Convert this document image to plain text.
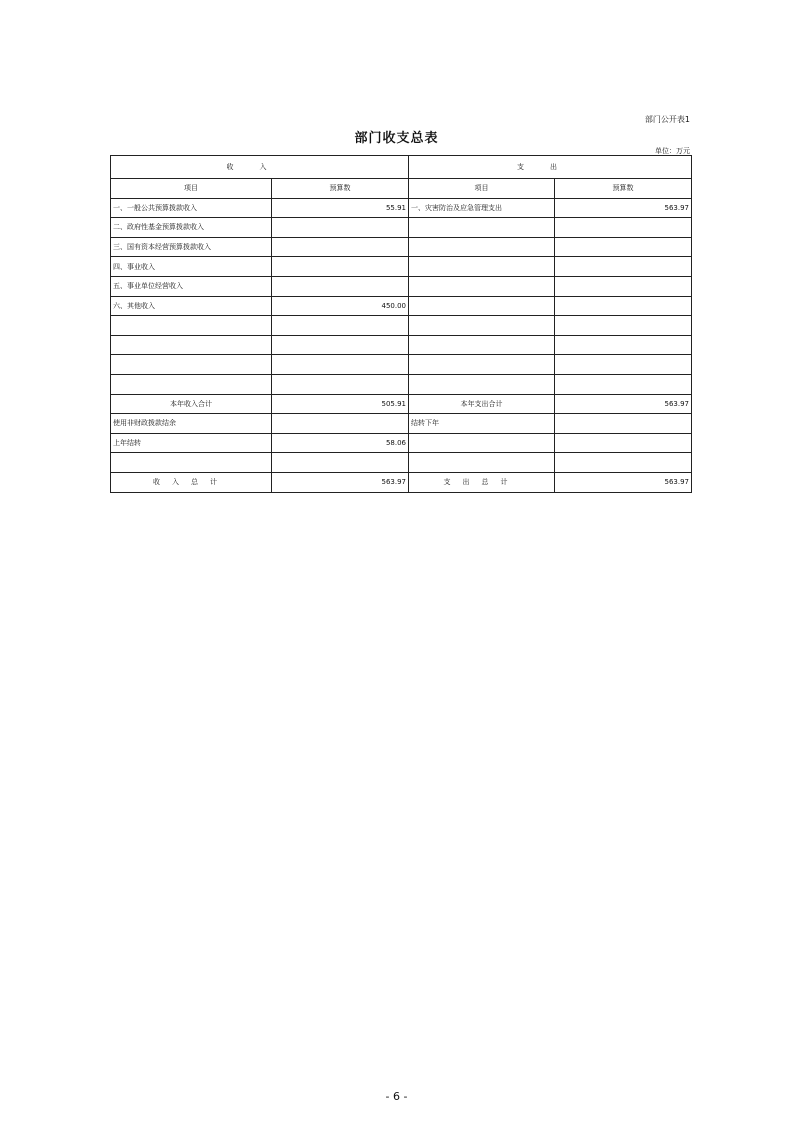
部门公开表1
部门收支总表
单位：万元
收入		支出	
项目	预算数	项目	预算数
一、一般公共预算拨款收入	55.91	一、灾害防治及应急管理支出	563.97
二、政府性基金预算拨款收入			
三、国有资本经营预算拨款收入			
四、事业收入			
五、事业单位经营收入			
六、其他收入	450.00		

本年收入合计	505.91	本年支出合计	563.97
使用非财政拨款结余		结转下年	
上年结转	58.06		

收入总计	563.97	支出总计	563.97
- 6 -
